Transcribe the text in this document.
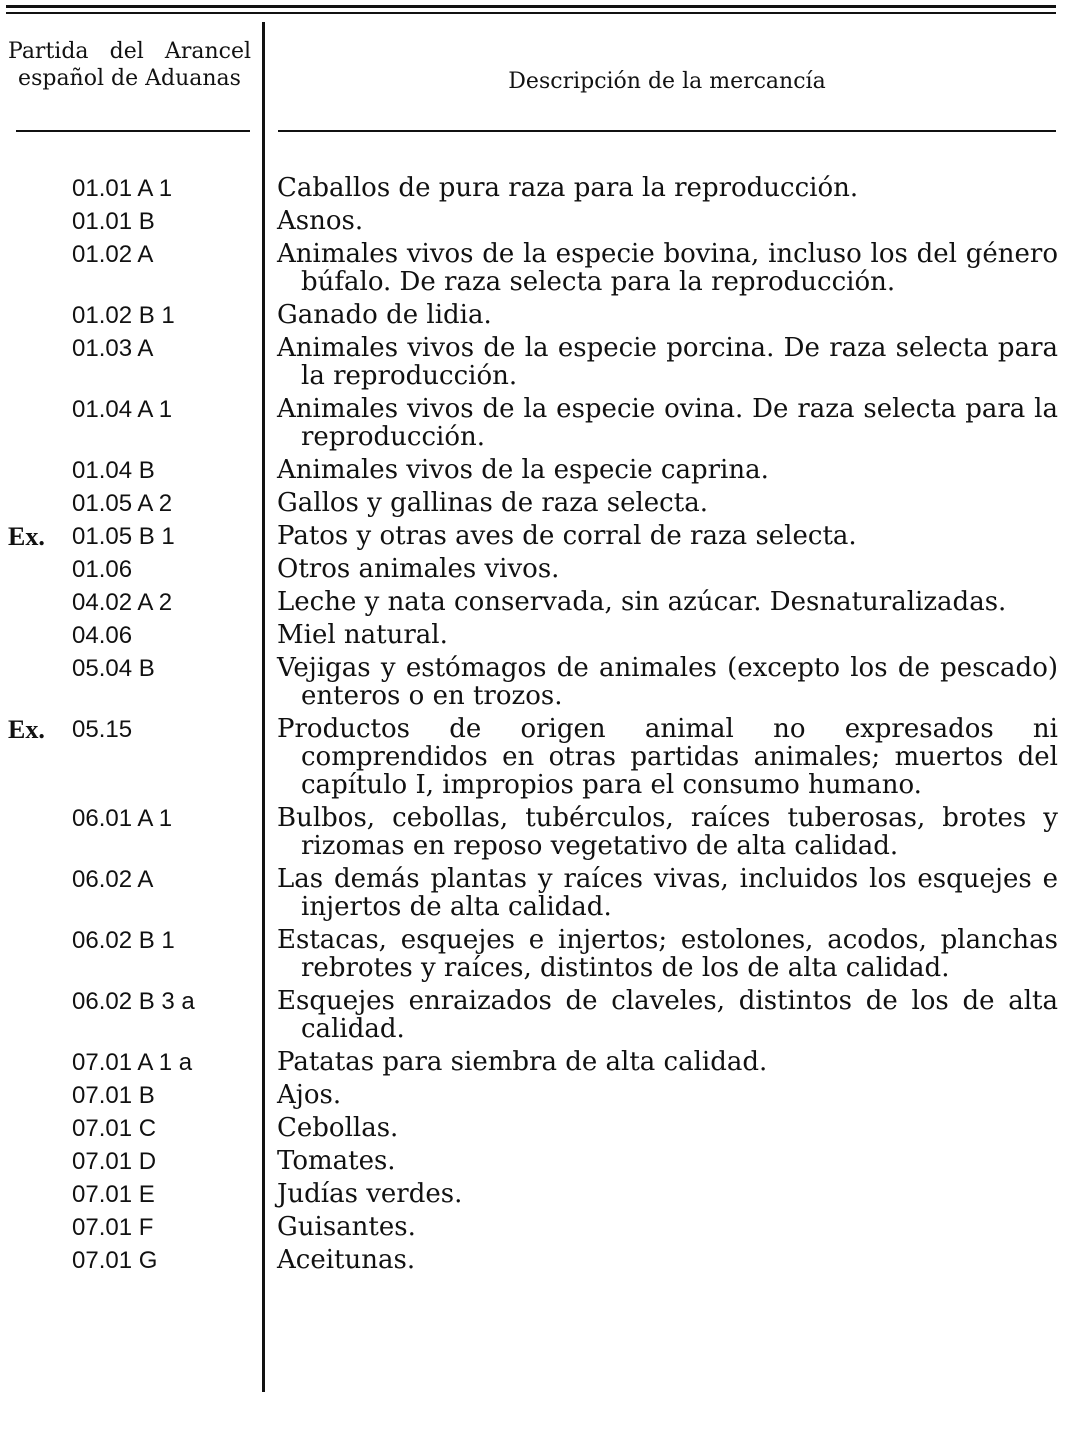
Partida del Arancel español de Aduanas	Descripción de la mercancía
01.01 A 1	Caballos de pura raza para la reproducción.
01.01 B	Asnos.
01.02 A	Animales vivos de la especie bovina, incluso los del género búfalo. De raza selecta para la reproducción.
01.02 B 1	Ganado de lidia.
01.03 A	Animales vivos de la especie porcina. De raza selecta para la reproducción.
01.04 A 1	Animales vivos de la especie ovina. De raza selecta para la reproducción.
01.04 B	Animales vivos de la especie caprina.
01.05 A 2	Gallos y gallinas de raza selecta.
Ex.	01.05 B 1	Patos y otras aves de corral de raza selecta.
01.06	Otros animales vivos.
04.02 A 2	Leche y nata conservada, sin azúcar. Desnaturalizadas.
04.06	Miel natural.
05.04 B	Vejigas y estómagos de animales (excepto los de pescado) enteros o en trozos.
Ex.	05.15	Productos de origen animal no expresados ni comprendidos en otras partidas animales; muertos del capítulo I, impropios para el consumo humano.
06.01 A 1	Bulbos, cebollas, tubérculos, raíces tuberosas, brotes y rizomas en reposo vegetativo de alta calidad.
06.02 A	Las demás plantas y raíces vivas, incluidos los esquejes e injertos de alta calidad.
06.02 B 1	Estacas, esquejes e injertos; estolones, acodos, planchas rebrotes y raíces, distintos de los de alta calidad.
06.02 B 3 a	Esquejes enraizados de claveles, distintos de los de alta calidad.
07.01 A 1 a	Patatas para siembra de alta calidad.
07.01 B	Ajos.
07.01 C	Cebollas.
07.01 D	Tomates.
07.01 E	Judías verdes.
07.01 F	Guisantes.
07.01 G	Aceitunas.
